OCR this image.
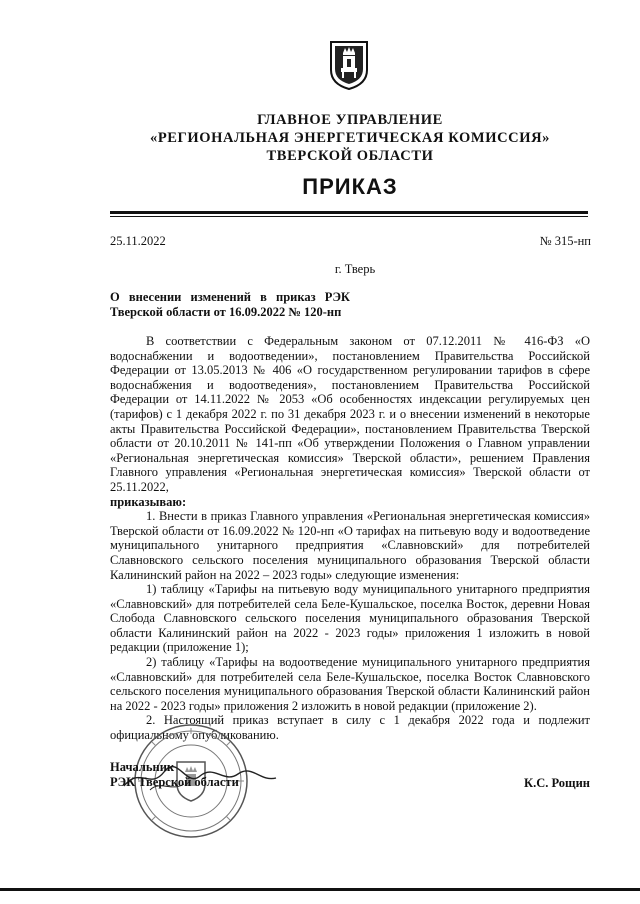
ГЛАВНОЕ УПРАВЛЕНИЕ
«РЕГИОНАЛЬНАЯ ЭНЕРГЕТИЧЕСКАЯ КОМИССИЯ»
ТВЕРСКОЙ ОБЛАСТИ
ПРИКАЗ
25.11.2022	№ 315-нп
г. Тверь
О внесении изменений в приказ РЭК Тверской области от 16.09.2022 № 120-нп

В соответствии с Федеральным законом от 07.12.2011 № 416-ФЗ «О водоснабжении и водоотведении», постановлением Правительства Российской Федерации от 13.05.2013 № 406 «О государственном регулировании тарифов в сфере водоснабжения и водоотведения», постановлением Правительства Российской Федерации от 14.11.2022 № 2053 «Об особенностях индексации регулируемых цен (тарифов) с 1 декабря 2022 г. по 31 декабря 2023 г. и о внесении изменений в некоторые акты Правительства Российской Федерации», постановлением Правительства Тверской области от 20.10.2011 № 141-пп «Об утверждении Положения о Главном управлении «Региональная энергетическая комиссия» Тверской области», решением Правления Главного управления «Региональная энергетическая комиссия» Тверской области от 25.11.2022,

приказываю:

1. Внести в приказ Главного управления «Региональная энергетическая комиссия» Тверской области от 16.09.2022 № 120-нп «О тарифах на питьевую воду и водоотведение муниципального унитарного предприятия «Славновский» для потребителей Славновского сельского поселения муниципального образования Тверской области Калининский район на 2022 – 2023 годы» следующие изменения:

1) таблицу «Тарифы на питьевую воду муниципального унитарного предприятия «Славновский» для потребителей села Беле-Кушальское, поселка Восток, деревни Новая Слобода Славновского сельского поселения муниципального образования Тверской области Калининский район на 2022 - 2023 годы» приложения 1 изложить в новой редакции (приложение 1);

2) таблицу «Тарифы на водоотведение муниципального унитарного предприятия «Славновский» для потребителей села Беле-Кушальское, поселка Восток Славновского сельского поселения муниципального образования Тверской области Калининский район на 2022 - 2023 годы» приложения 2 изложить в новой редакции (приложение 2).

2. Настоящий приказ вступает в силу с 1 декабря 2022 года и подлежит официальному опубликованию.

Начальник
РЭК Тверской области	К.С. Рощин
